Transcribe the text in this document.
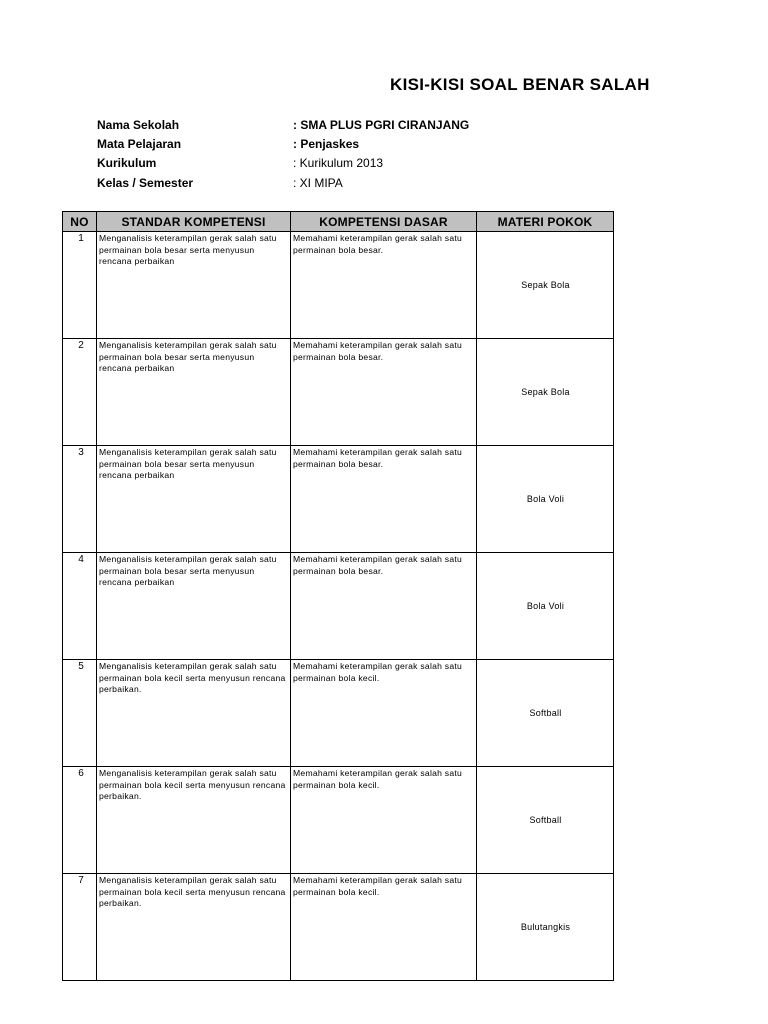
KISI-KISI SOAL BENAR SALAH
Nama Sekolah	: SMA PLUS PGRI CIRANJANG
Mata Pelajaran	: Penjaskes
Kurikulum	: Kurikulum 2013
Kelas / Semester	: XI MIPA
NO	STANDAR KOMPETENSI	KOMPETENSI DASAR	MATERI POKOK
1	Menganalisis keterampilan gerak salah satu permainan bola besar serta menyusun rencana perbaikan	Memahami keterampilan gerak salah satu permainan bola besar.	Sepak Bola
2	Menganalisis keterampilan gerak salah satu permainan bola besar serta menyusun rencana perbaikan	Memahami keterampilan gerak salah satu permainan bola besar.	Sepak Bola
3	Menganalisis keterampilan gerak salah satu permainan bola besar serta menyusun rencana perbaikan	Memahami keterampilan gerak salah satu permainan bola besar.	Bola Voli
4	Menganalisis keterampilan gerak salah satu permainan bola besar serta menyusun rencana perbaikan	Memahami keterampilan gerak salah satu permainan bola besar.	Bola Voli
5	Menganalisis keterampilan gerak salah satu permainan bola kecil serta menyusun rencana perbaikan.	Memahami keterampilan gerak salah satu permainan bola kecil.	Softball
6	Menganalisis keterampilan gerak salah satu permainan bola kecil serta menyusun rencana perbaikan.	Memahami keterampilan gerak salah satu permainan bola kecil.	Softball
7	Menganalisis keterampilan gerak salah satu permainan bola kecil serta menyusun rencana perbaikan.	Memahami keterampilan gerak salah satu permainan bola kecil.	Bulutangkis
